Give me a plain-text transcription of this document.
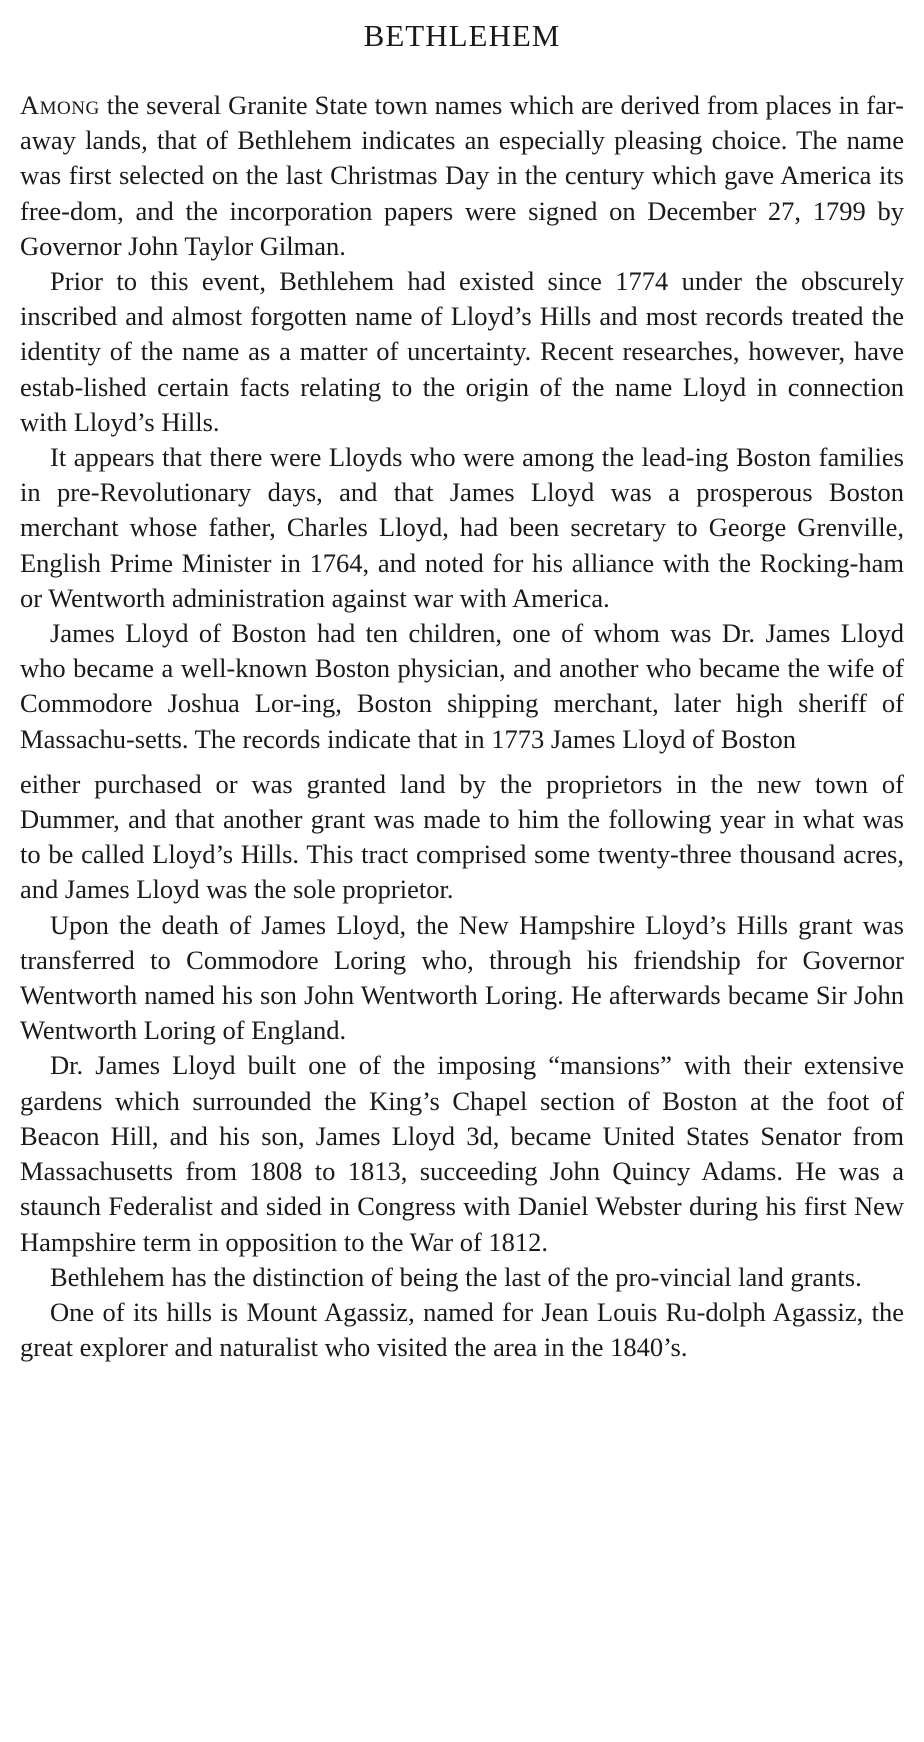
BETHLEHEM

Among the several Granite State town names which are derived from places in far-away lands, that of Bethlehem indicates an especially pleasing choice. The name was first selected on the last Christmas Day in the century which gave America its free-dom, and the incorporation papers were signed on December 27, 1799 by Governor John Taylor Gilman.

Prior to this event, Bethlehem had existed since 1774 under the obscurely inscribed and almost forgotten name of Lloyd’s Hills and most records treated the identity of the name as a matter of uncertainty. Recent researches, however, have estab-lished certain facts relating to the origin of the name Lloyd in connection with Lloyd’s Hills.

It appears that there were Lloyds who were among the lead-ing Boston families in pre-Revolutionary days, and that James Lloyd was a prosperous Boston merchant whose father, Charles Lloyd, had been secretary to George Grenville, English Prime Minister in 1764, and noted for his alliance with the Rocking-ham or Wentworth administration against war with America.

James Lloyd of Boston had ten children, one of whom was Dr. James Lloyd who became a well-known Boston physician, and another who became the wife of Commodore Joshua Lor-ing, Boston shipping merchant, later high sheriff of Massachu-setts. The records indicate that in 1773 James Lloyd of Boston

either purchased or was granted land by the proprietors in the new town of Dummer, and that another grant was made to him the following year in what was to be called Lloyd’s Hills. This tract comprised some twenty-three thousand acres, and James Lloyd was the sole proprietor.

Upon the death of James Lloyd, the New Hampshire Lloyd’s Hills grant was transferred to Commodore Loring who, through his friendship for Governor Wentworth named his son John Wentworth Loring. He afterwards became Sir John Wentworth Loring of England.

Dr. James Lloyd built one of the imposing “mansions” with their extensive gardens which surrounded the King’s Chapel section of Boston at the foot of Beacon Hill, and his son, James Lloyd 3d, became United States Senator from Massachusetts from 1808 to 1813, succeeding John Quincy Adams. He was a staunch Federalist and sided in Congress with Daniel Webster during his first New Hampshire term in opposition to the War of 1812.

Bethlehem has the distinction of being the last of the pro-vincial land grants.

One of its hills is Mount Agassiz, named for Jean Louis Ru-dolph Agassiz, the great explorer and naturalist who visited the area in the 1840’s.
